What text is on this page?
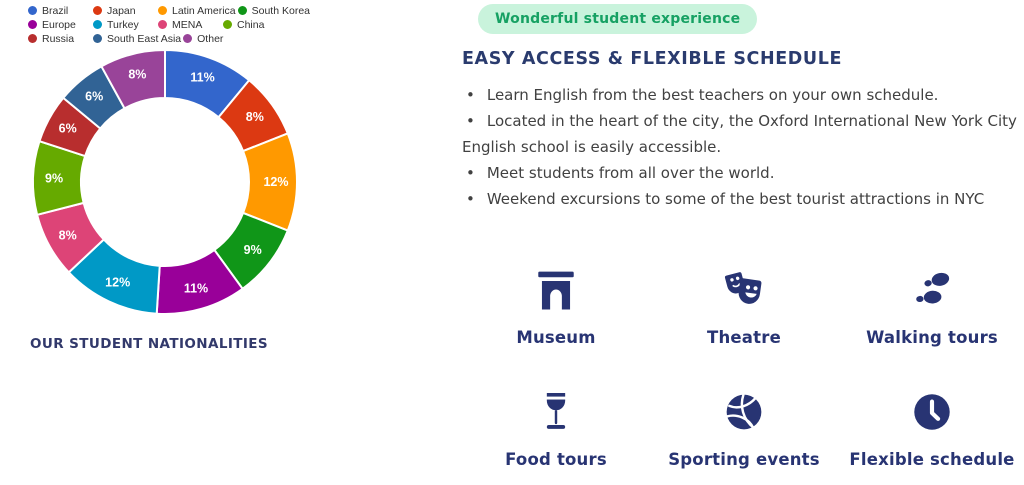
Brazil	Japan	Latin America South Korea
Europe	Turkey	MENA	China
Russia	South East Asia Other
11%
8%
12%
9%
11%
12%
8%
9%
6%
6%
8%
OUR STUDENT NATIONALITIES
Wonderful student experience
EASY ACCESS & FLEXIBLE SCHEDULE
• Learn English from the best teachers on your own schedule.
• Located in the heart of the city, the Oxford International New York City English school is easily accessible.
• Meet students from all over the world.
• Weekend excursions to some of the best tourist attractions in NYC
Museum	Theatre	Walking tours
Food tours	Sporting events Flexible schedule
